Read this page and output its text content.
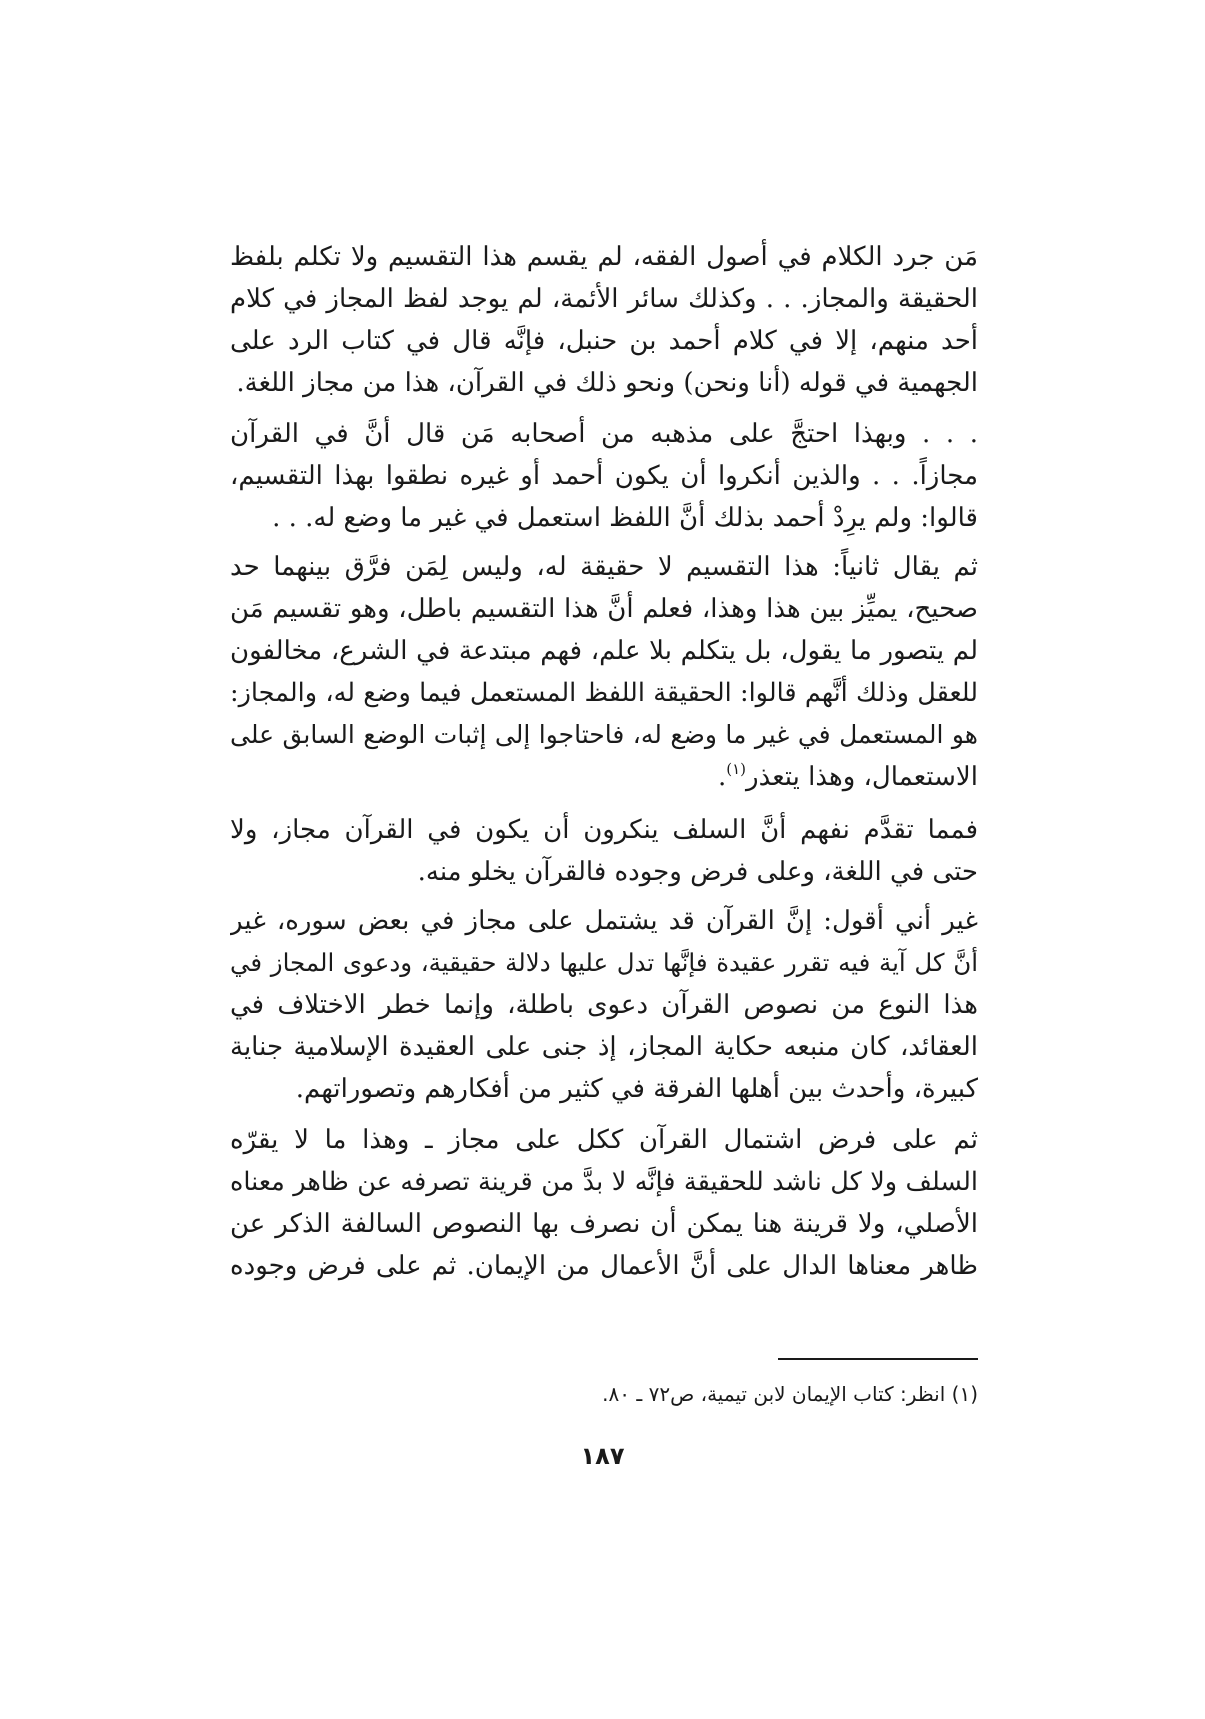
مَن جرد الكلام في أصول الفقه، لم يقسم هذا التقسيم ولا تكلم بلفظ
الحقيقة والمجاز. . . وكذلك سائر الأئمة، لم يوجد لفظ المجاز في كلام
أحد منهم، إلا في كلام أحمد بن حنبل، فإنَّه قال في كتاب الرد على
الجهمية في قوله (أنا ونحن) ونحو ذلك في القرآن، هذا من مجاز اللغة.
. . . وبهذا احتجَّ على مذهبه من أصحابه مَن قال أنَّ في القرآن
مجازاً. . . والذين أنكروا أن يكون أحمد أو غيره نطقوا بهذا التقسيم،
قالوا: ولم يرِدْ أحمد بذلك أنَّ اللفظ استعمل في غير ما وضع له. . .
ثم يقال ثانياً: هذا التقسيم لا حقيقة له، وليس لِمَن فرَّق بينهما حد
صحيح، يميِّز بين هذا وهذا، فعلم أنَّ هذا التقسيم باطل، وهو تقسيم مَن
لم يتصور ما يقول، بل يتكلم بلا علم، فهم مبتدعة في الشرع، مخالفون
للعقل وذلك أنَّهم قالوا: الحقيقة اللفظ المستعمل فيما وضع له، والمجاز:
هو المستعمل في غير ما وضع له، فاحتاجوا إلى إثبات الوضع السابق على
الاستعمال، وهذا يتعذر$^{(١)}$.
فمما تقدَّم نفهم أنَّ السلف ينكرون أن يكون في القرآن مجاز، ولا
حتى في اللغة، وعلى فرض وجوده فالقرآن يخلو منه.
غير أني أقول: إنَّ القرآن قد يشتمل على مجاز في بعض سوره، غير
أنَّ كل آية فيه تقرر عقيدة فإنَّها تدل عليها دلالة حقيقية، ودعوى المجاز في
هذا النوع من نصوص القرآن دعوى باطلة، وإنما خطر الاختلاف في
العقائد، كان منبعه حكاية المجاز، إذ جنى على العقيدة الإسلامية جناية
كبيرة، وأحدث بين أهلها الفرقة في كثير من أفكارهم وتصوراتهم.
ثم على فرض اشتمال القرآن ككل على مجاز ـ وهذا ما لا يقرّه
السلف ولا كل ناشد للحقيقة فإنَّه لا بدَّ من قرينة تصرفه عن ظاهر معناه
الأصلي، ولا قرينة هنا يمكن أن نصرف بها النصوص السالفة الذكر عن
ظاهر معناها الدال على أنَّ الأعمال من الإيمان. ثم على فرض وجوده
(١) انظر: كتاب الإيمان لابن تيمية، ص٧٢ ـ ٨٠.
١٨٧
